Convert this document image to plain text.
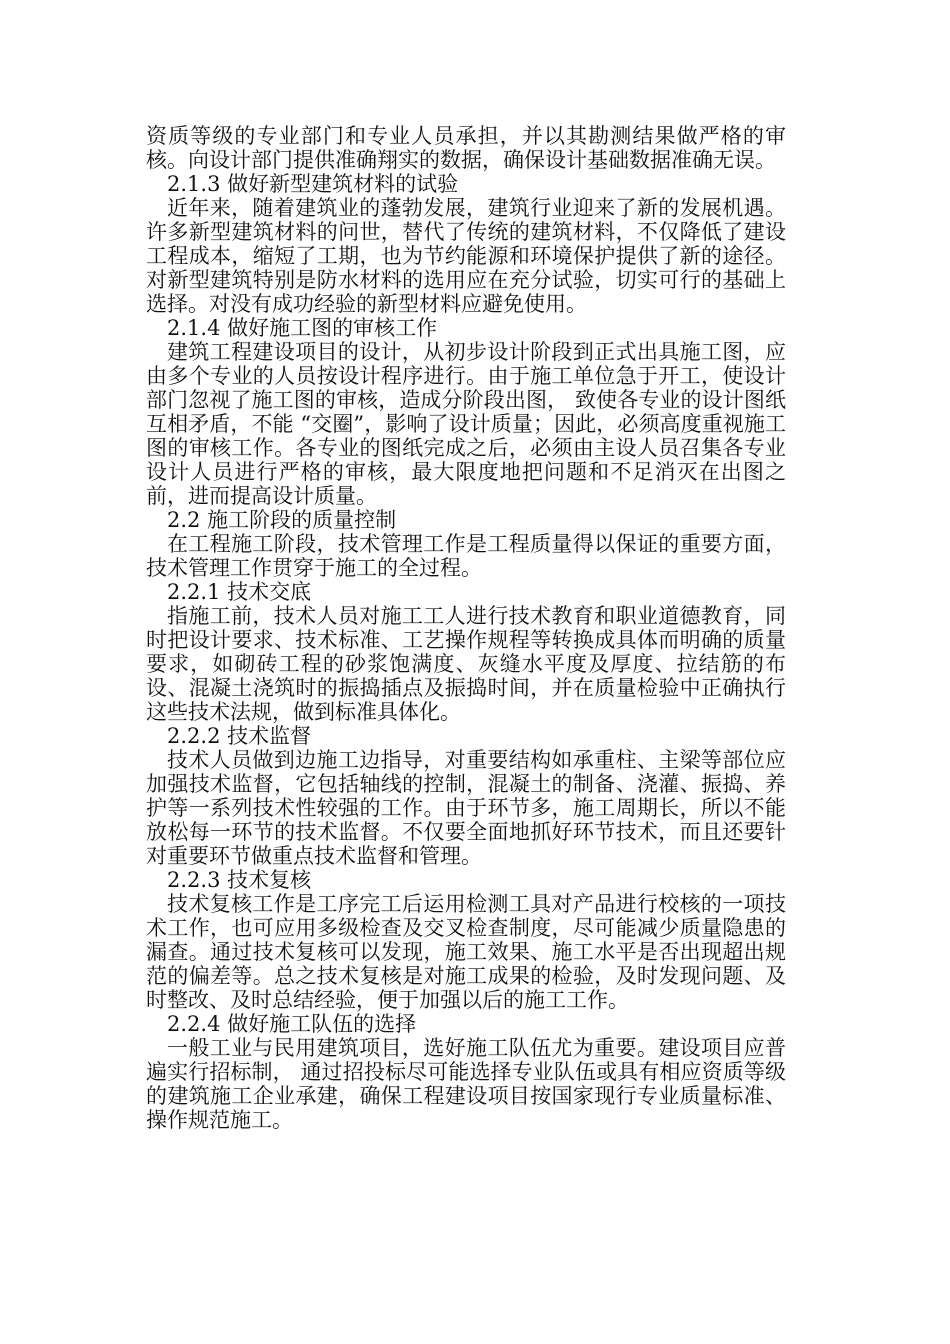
资质等级的专业部门和专业人员承担，并以其勘测结果做严格的审核。向设计部门提供准确翔实的数据，确保设计基础数据准确无误。

2.1.3 做好新型建筑材料的试验

近年来，随着建筑业的蓬勃发展，建筑行业迎来了新的发展机遇。许多新型建筑材料的问世，替代了传统的建筑材料，不仅降低了建设工程成本，缩短了工期，也为节约能源和环境保护提供了新的途径。对新型建筑特别是防水材料的选用应在充分试验，切实可行的基础上选择。对没有成功经验的新型材料应避免使用。

2.1.4 做好施工图的审核工作

建筑工程建设项目的设计，从初步设计阶段到正式出具施工图，应由多个专业的人员按设计程序进行。由于施工单位急于开工，使设计部门忽视了施工图的审核，造成分阶段出图， 致使各专业的设计图纸互相矛盾，不能 “交圈”，影响了设计质量；因此，必须高度重视施工图的审核工作。各专业的图纸完成之后，必须由主设人员召集各专业设计人员进行严格的审核，最大限度地把问题和不足消灭在出图之前，进而提高设计质量。

2.2 施工阶段的质量控制

在工程施工阶段，技术管理工作是工程质量得以保证的重要方面，技术管理工作贯穿于施工的全过程。

2.2.1 技术交底

指施工前，技术人员对施工工人进行技术教育和职业道德教育，同时把设计要求、技术标准、工艺操作规程等转换成具体而明确的质量要求，如砌砖工程的砂浆饱满度、灰缝水平度及厚度、拉结筋的布设、混凝土浇筑时的振捣插点及振捣时间，并在质量检验中正确执行这些技术法规，做到标准具体化。

2.2.2 技术监督

技术人员做到边施工边指导，对重要结构如承重柱、主梁等部位应加强技术监督，它包括轴线的控制，混凝土的制备、浇灌、振捣、养护等一系列技术性较强的工作。由于环节多，施工周期长，所以不能放松每一环节的技术监督。不仅要全面地抓好环节技术，而且还要针对重要环节做重点技术监督和管理。

2.2.3 技术复核

技术复核工作是工序完工后运用检测工具对产品进行校核的一项技术工作，也可应用多级检查及交叉检查制度，尽可能减少质量隐患的漏查。通过技术复核可以发现，施工效果、施工水平是否出现超出规范的偏差等。总之技术复核是对施工成果的检验，及时发现问题、及时整改、及时总结经验，便于加强以后的施工工作。

2.2.4 做好施工队伍的选择

一般工业与民用建筑项目，选好施工队伍尤为重要。建设项目应普遍实行招标制， 通过招投标尽可能选择专业队伍或具有相应资质等级的建筑施工企业承建，确保工程建设项目按国家现行专业质量标准、操作规范施工。
